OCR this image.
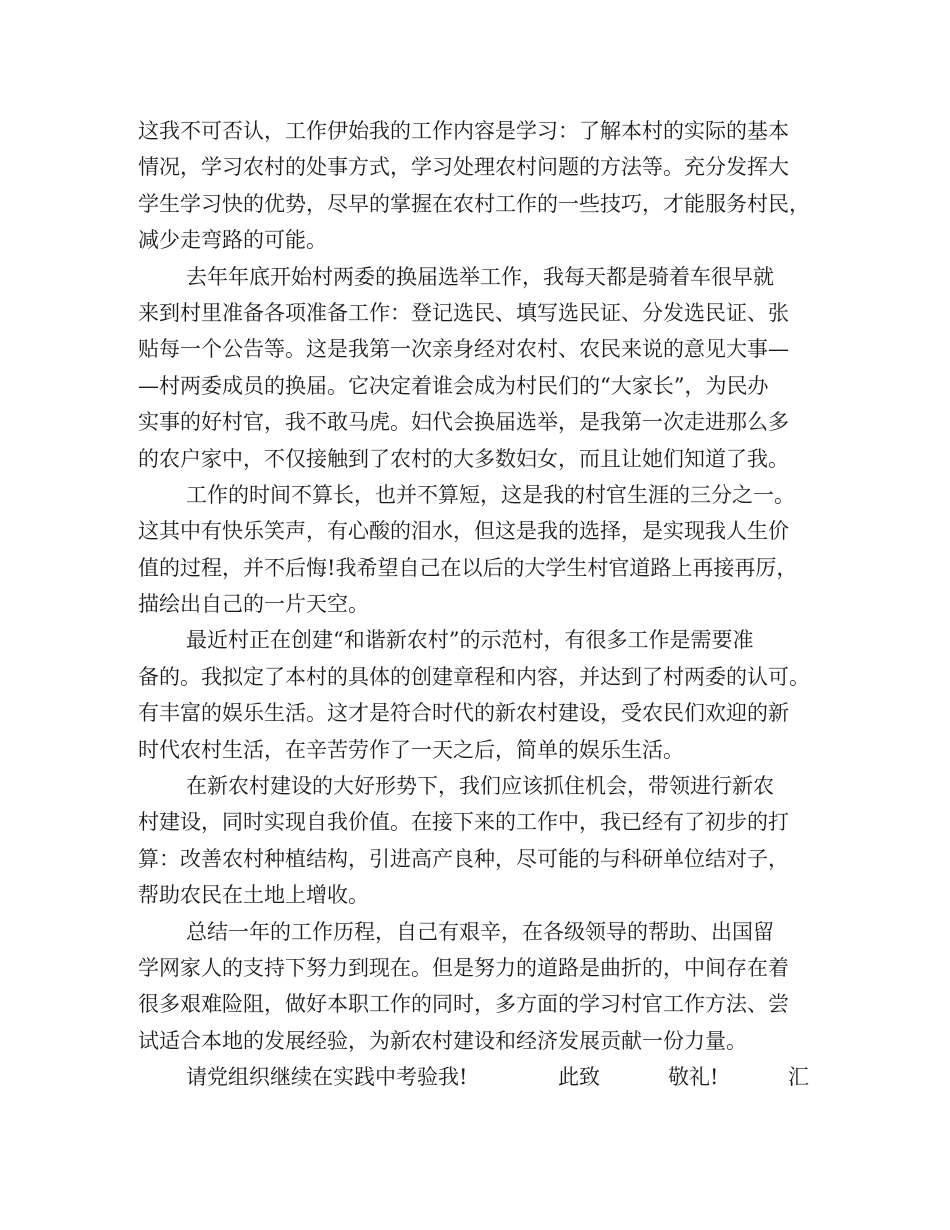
这我不可否认，工作伊始我的工作内容是学习：了解本村的实际的基本
情况，学习农村的处事方式，学习处理农村问题的方法等。充分发挥大
学生学习快的优势，尽早的掌握在农村工作的一些技巧，才能服务村民，
减少走弯路的可能。
去年年底开始村两委的换届选举工作，我每天都是骑着车很早就
来到村里准备各项准备工作：登记选民、填写选民证、分发选民证、张
贴每一个公告等。这是我第一次亲身经对农村、农民来说的意见大事—
—村两委成员的换届。它决定着谁会成为村民们的“大家长”，为民办
实事的好村官，我不敢马虎。妇代会换届选举，是我第一次走进那么多
的农户家中，不仅接触到了农村的大多数妇女，而且让她们知道了我。
工作的时间不算长，也并不算短，这是我的村官生涯的三分之一。
这其中有快乐笑声，有心酸的泪水，但这是我的选择，是实现我人生价
值的过程，并不后悔!我希望自己在以后的大学生村官道路上再接再厉，
描绘出自己的一片天空。
最近村正在创建“和谐新农村”的示范村，有很多工作是需要准
备的。我拟定了本村的具体的创建章程和内容，并达到了村两委的认可。
有丰富的娱乐生活。这才是符合时代的新农村建设，受农民们欢迎的新
时代农村生活，在辛苦劳作了一天之后，简单的娱乐生活。
在新农村建设的大好形势下，我们应该抓住机会，带领进行新农
村建设，同时实现自我价值。在接下来的工作中，我已经有了初步的打
算：改善农村种植结构，引进高产良种，尽可能的与科研单位结对子，
帮助农民在土地上增收。
总结一年的工作历程，自己有艰辛，在各级领导的帮助、出国留
学网家人的支持下努力到现在。但是努力的道路是曲折的，中间存在着
很多艰难险阻，做好本职工作的同时，多方面的学习村官工作方法、尝
试适合本地的发展经验，为新农村建设和经济发展贡献一份力量。
请党组织继续在实践中考验我!	此致	敬礼!	汇
